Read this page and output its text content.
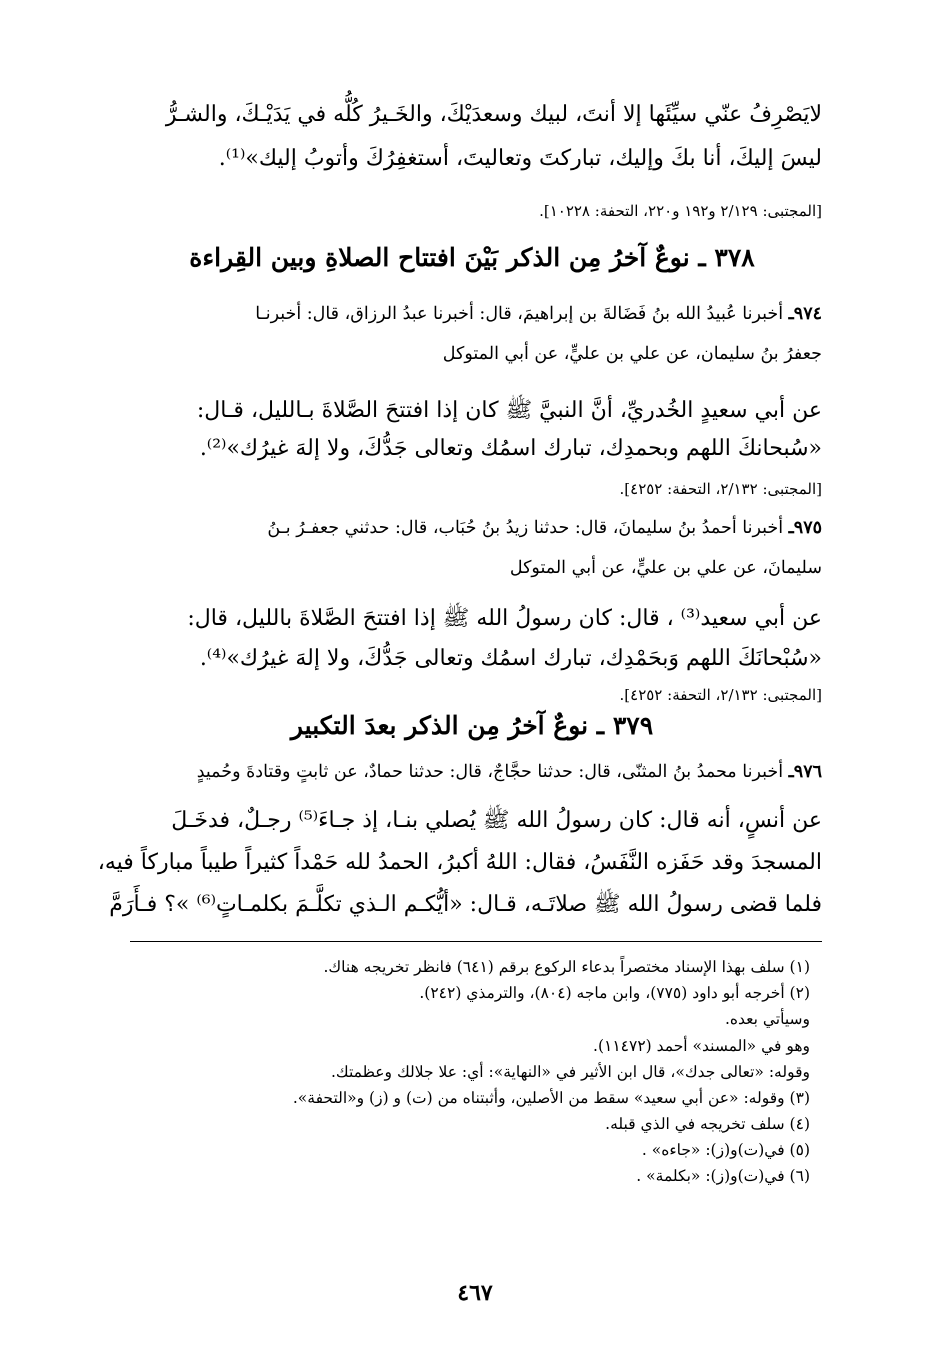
لايَصْرِفُ عنّي سيِّئَها إلا أنتَ، لبيك وسعدَيْكَ، والخَـيرُ كُلُّه في يَدَيْـكَ، والشـرُّ
ليسَ إليكَ، أنا بكَ وإليك، تباركتَ وتعاليتَ، أستغفِرُكَ وأتوبُ إليك»⁽¹⁾.
[المجتبى: ٢/١٢٩ و١٩٢ و٢٢٠، التحفة: ١٠٢٢٨].
٣٧٨ ـ نوعٌ آخرُ مِن الذكر بَيْنَ افتتاح الصلاةِ وبين القِراءة
٩٧٤ـ أخبرنا عُبيدُ الله بنُ فَضَالةَ بن إبراهيمَ، قال: أخبرنا عبدُ الرزاق، قال: أخبرنـا
جعفرُ بنُ سليمان، عن علي بن عليٍّ، عن أبي المتوكل
عن أبي سعيدٍ الخُدريِّ، أنَّ النبيَّ ﷺ كان إذا افتتحَ الصَّلاةَ بـالليل، قـال:
«سُبحانكَ اللهم وبحمدِك، تبارك اسمُك وتعالى جَدُّكَ، ولا إلهَ غيرُك»⁽²⁾.
[المجتبى: ٢/١٣٢، التحفة: ٤٢٥٢].
٩٧٥ـ أخبرنا أحمدُ بنُ سليمانَ، قال: حدثنا زيدُ بنُ حُبَاب، قال: حدثني جعفـرُ بـنُ
سليمانَ، عن علي بن عليٍّ، عن أبي المتوكل
عن أبي سعيد⁽³⁾ ، قال: كان رسولُ الله ﷺ إذا افتتحَ الصَّلاةَ بالليل، قال:
«سُبْحانَكَ اللهم وَبحَمْدِك، تبارك اسمُك وتعالى جَدُّكَ، ولا إلهَ غيرُك»⁽⁴⁾.
[المجتبى: ٢/١٣٢، التحفة: ٤٢٥٢].
٣٧٩ ـ نوعٌ آخرُ مِن الذكر بعدَ التكبير
٩٧٦ـ أخبرنا محمدُ بنُ المثنّى، قال: حدثنا حجَّاجٌ، قال: حدثنا حمادٌ، عن ثابتٍ وقتادةَ وحُميدٍ
عن أنسٍ، أنه قال: كان رسولُ الله ﷺ يُصلي بنـا، إذ جـاءَ⁽⁵⁾ رجـلٌ، فدخَـلَ
المسجدَ وقد حَفَزه النَّفَسُ، فقال: اللهُ أكبرُ، الحمدُ لله حَمْداً كثيراً طيباً مباركاً فيه،
فلما قضى رسولُ الله ﷺ صلاتَـه، قـال: «أيُّكـم الـذي تكلَّـمَ بكلمـاتٍ⁽⁶⁾ »؟ فـأَرَمَّ
(١) سلف بهذا الإسناد مختصراً بدعاء الركوع برقم (٦٤١) فانظر تخريجه هناك.
(٢) أخرجه أبو داود (٧٧٥)، وابن ماجه (٨٠٤)، والترمذي (٢٤٢).
وسيأتي بعده.
وهو في «المسند» أحمد (١١٤٧٢).
وقوله: «تعالى جدك»، قال ابن الأثير في «النهاية»: أي: علا جلالك وعظمتك.
(٣) وقوله: «عن أبي سعيد» سقط من الأصلين، وأثبتناه من (ت) و (ز) و«التحفة».
(٤) سلف تخريجه في الذي قبله.
(٥) في(ت)و(ز): «جاءه» .
(٦) في(ت)و(ز): «بكلمة» .
٤٦٧
